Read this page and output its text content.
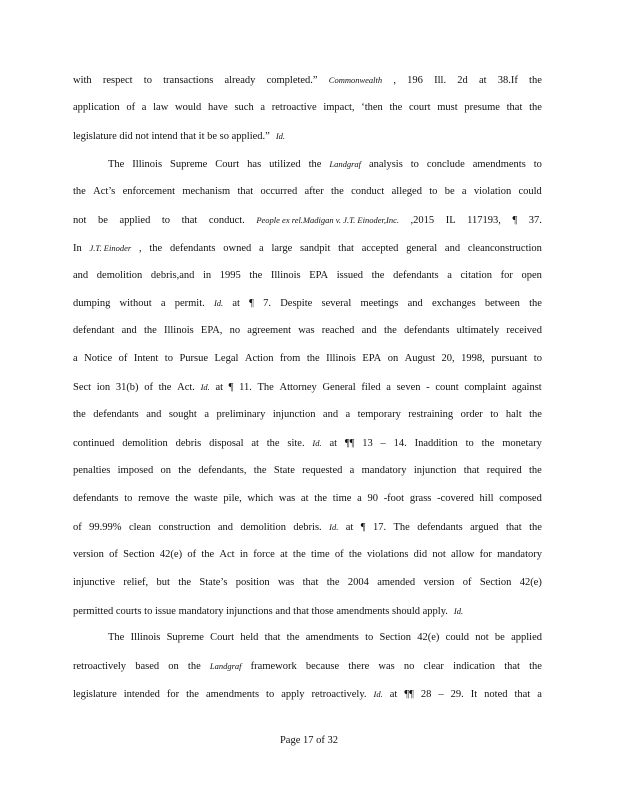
with respect to transactions already completed.” Commonwealth , 196 Ill. 2d at 38.If the
application of a law would have such a retroactive impact, ‘then the court must presume that the
legislature did not intend that it be so applied.” Id.
The Illinois Supreme Court has utilized the Landgraf analysis to conclude amendments to
the Act’s enforcement mechanism that occurred after the conduct alleged to be a violation could
not be applied to that conduct. People ex rel.Madigan v. J.T. Einoder,Inc. ,2015 IL 117193, ¶ 37.
In J.T. Einoder , the defendants owned a large sandpit that accepted general and cleanconstruction
and demolition debris,and in 1995 the Illinois EPA issued the defendants a citation for open
dumping without a permit. Id. at ¶ 7. Despite several meetings and exchanges between the
defendant and the Illinois EPA, no agreement was reached and the defendants ultimately received
a Notice of Intent to Pursue Legal Action from the Illinois EPA on August 20, 1998, pursuant to
Sect ion 31(b) of the Act. Id. at ¶ 11. The Attorney General filed a seven - count complaint against
the defendants and sought a preliminary injunction and a temporary restraining order to halt the
continued demolition debris disposal at the site. Id. at ¶¶ 13 – 14. Inaddition to the monetary
penalties imposed on the defendants, the State requested a mandatory injunction that required the
defendants to remove the waste pile, which was at the time a 90 -foot grass -covered hill composed
of 99.99% clean construction and demolition debris. Id. at ¶ 17. The defendants argued that the
version of Section 42(e) of the Act in force at the time of the violations did not allow for mandatory
injunctive relief, but the State’s position was that the 2004 amended version of Section 42(e)
permitted courts to issue mandatory injunctions and that those amendments should apply. Id.
The Illinois Supreme Court held that the amendments to Section 42(e) could not be applied
retroactively based on the Landgraf framework because there was no clear indication that the
legislature intended for the amendments to apply retroactively. Id. at ¶¶ 28 – 29. It noted that a
Page 17 of 32
